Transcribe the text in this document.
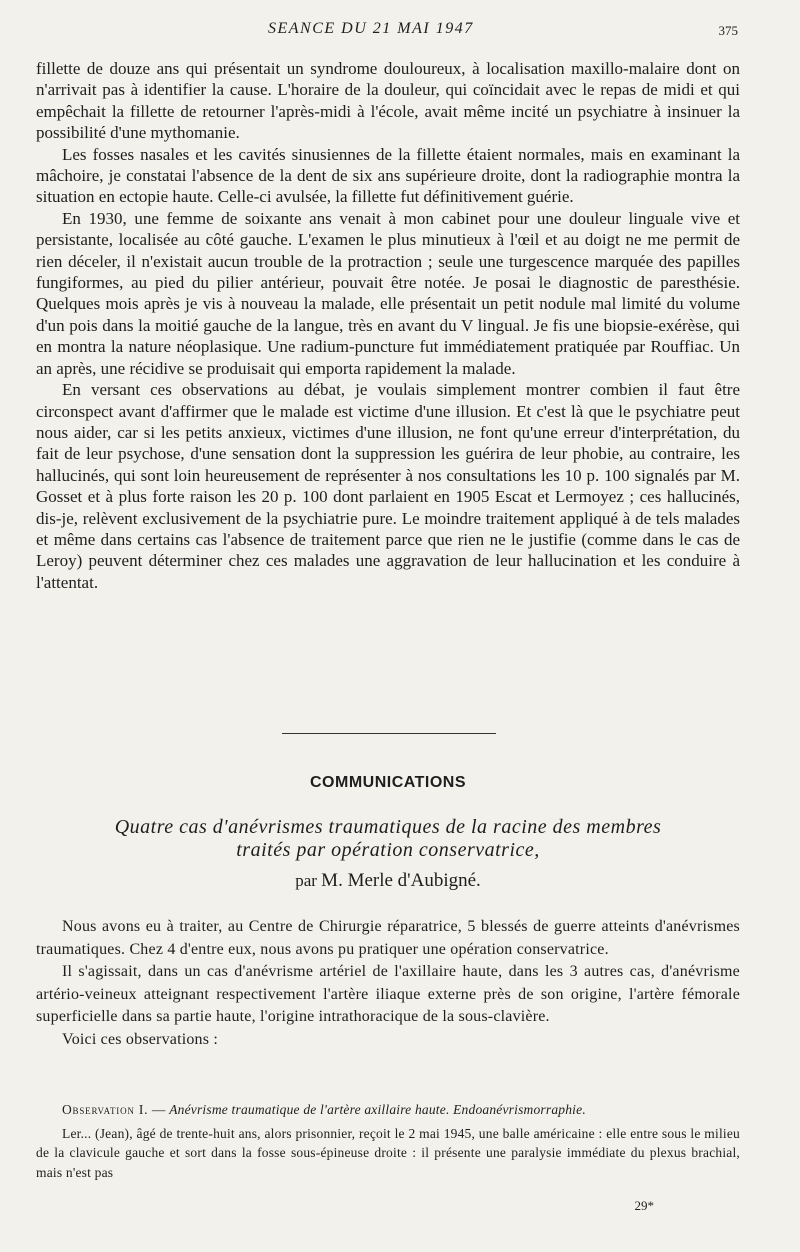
SEANCE DU 21 MAI 1947	375

fillette de douze ans qui présentait un syndrome douloureux, à localisation maxillo-malaire dont on n'arrivait pas à identifier la cause. L'horaire de la douleur, qui coïncidait avec le repas de midi et qui empêchait la fillette de retourner l'après-midi à l'école, avait même incité un psychiatre à insinuer la possibilité d'une mythomanie.

Les fosses nasales et les cavités sinusiennes de la fillette étaient normales, mais en examinant la mâchoire, je constatai l'absence de la dent de six ans supérieure droite, dont la radiographie montra la situation en ectopie haute. Celle-ci avulsée, la fillette fut définitivement guérie.

En 1930, une femme de soixante ans venait à mon cabinet pour une douleur linguale vive et persistante, localisée au côté gauche. L'examen le plus minutieux à l'œil et au doigt ne me permit de rien déceler, il n'existait aucun trouble de la protraction ; seule une turgescence marquée des papilles fungiformes, au pied du pilier antérieur, pouvait être notée. Je posai le diagnostic de paresthésie. Quelques mois après je vis à nouveau la malade, elle présentait un petit nodule mal limité du volume d'un pois dans la moitié gauche de la langue, très en avant du V lingual. Je fis une biopsie-exérèse, qui en montra la nature néoplasique. Une radium-puncture fut immédiatement pratiquée par Rouffiac. Un an après, une récidive se produisait qui emporta rapidement la malade.

En versant ces observations au débat, je voulais simplement montrer combien il faut être circonspect avant d'affirmer que le malade est victime d'une illusion. Et c'est là que le psychiatre peut nous aider, car si les petits anxieux, victimes d'une illusion, ne font qu'une erreur d'interprétation, du fait de leur psychose, d'une sensation dont la suppression les guérira de leur phobie, au contraire, les hallucinés, qui sont loin heureusement de représenter à nos consultations les 10 p. 100 signalés par M. Gosset et à plus forte raison les 20 p. 100 dont parlaient en 1905 Escat et Lermoyez ; ces hallucinés, dis-je, relèvent exclusivement de la psychiatrie pure. Le moindre traitement appliqué à de tels malades et même dans certains cas l'absence de traitement parce que rien ne le justifie (comme dans le cas de Leroy) peuvent déterminer chez ces malades une aggravation de leur hallucination et les conduire à l'attentat.

COMMUNICATIONS
Quatre cas d'anévrismes traumatiques de la racine des membres
traités par opération conservatrice,
par M. Merle d'Aubigné.

Nous avons eu à traiter, au Centre de Chirurgie réparatrice, 5 blessés de guerre atteints d'anévrismes traumatiques. Chez 4 d'entre eux, nous avons pu pratiquer une opération conservatrice.

Il s'agissait, dans un cas d'anévrisme artériel de l'axillaire haute, dans les 3 autres cas, d'anévrisme artério-veineux atteignant respectivement l'artère iliaque externe près de son origine, l'artère fémorale superficielle dans sa partie haute, l'origine intrathoracique de la sous-clavière.

Voici ces observations :

Observation I. — Anévrisme traumatique de l'artère axillaire haute. Endoanévrismorraphie.

Ler... (Jean), âgé de trente-huit ans, alors prisonnier, reçoit le 2 mai 1945, une balle américaine : elle entre sous le milieu de la clavicule gauche et sort dans la fosse sous-épineuse droite : il présente une paralysie immédiate du plexus brachial, mais n'est pas

29*
